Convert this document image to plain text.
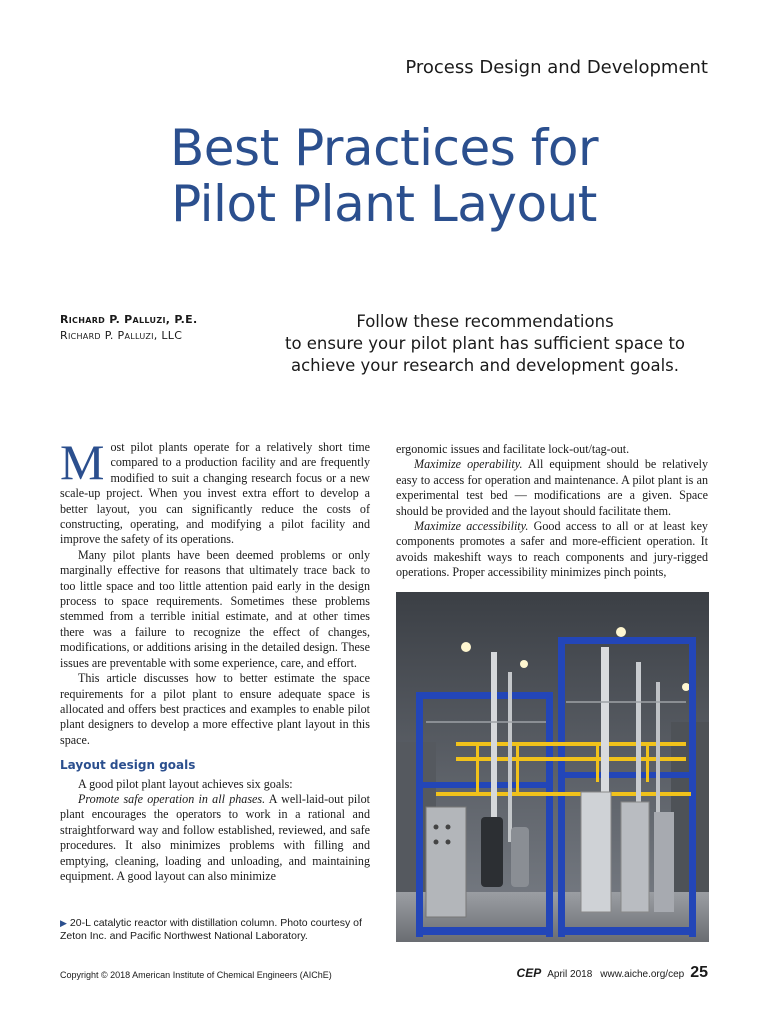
Process Design and Development
Best Practices for
Pilot Plant Layout
Richard P. Palluzi, P.E.
Richard P. Palluzi, LLC
Follow these recommendations
to ensure your pilot plant has sufficient space to
achieve your research and development goals.

Most pilot plants operate for a relatively short time compared to a production facility and are frequently modified to suit a changing research focus or a new scale-up project. When you invest extra effort to develop a better layout, you can significantly reduce the costs of constructing, operating, and modifying a pilot facility and improve the safety of its operations.

Many pilot plants have been deemed problems or only marginally effective for reasons that ultimately trace back to too little space and too little attention paid early in the design process to space requirements. Sometimes these problems stemmed from a terrible initial estimate, and at other times there was a failure to recognize the effect of changes, modifications, or additions arising in the detailed design. These issues are preventable with some experience, care, and effort.

This article discusses how to better estimate the space requirements for a pilot plant to ensure adequate space is allocated and offers best practices and examples to enable pilot plant designers to develop a more effective plant layout in this space.

Layout design goals

A good pilot plant layout achieves six goals:

Promote safe operation in all phases. A well-laid-out pilot plant encourages the operators to work in a rational and straightforward way and follow established, reviewed, and safe procedures. It also minimizes problems with filling and emptying, cleaning, loading and unloading, and maintaining equipment. A good layout can also minimize

ergonomic issues and facilitate lock-out/tag-out.

Maximize operability. All equipment should be relatively easy to access for operation and maintenance. A pilot plant is an experimental test bed — modifications are a given. Space should be provided and the layout should facilitate them.

Maximize accessibility. Good access to all or at least key components promotes a safer and more-efficient operation. It avoids makeshift ways to reach components and jury-rigged operations. Proper accessibility minimizes pinch points,

▶ 20-L catalytic reactor with distillation column. Photo courtesy of Zeton Inc. and Pacific Northwest National Laboratory.
Copyright © 2018 American Institute of Chemical Engineers (AIChE)	CEP April 2018 www.aiche.org/cep 25
